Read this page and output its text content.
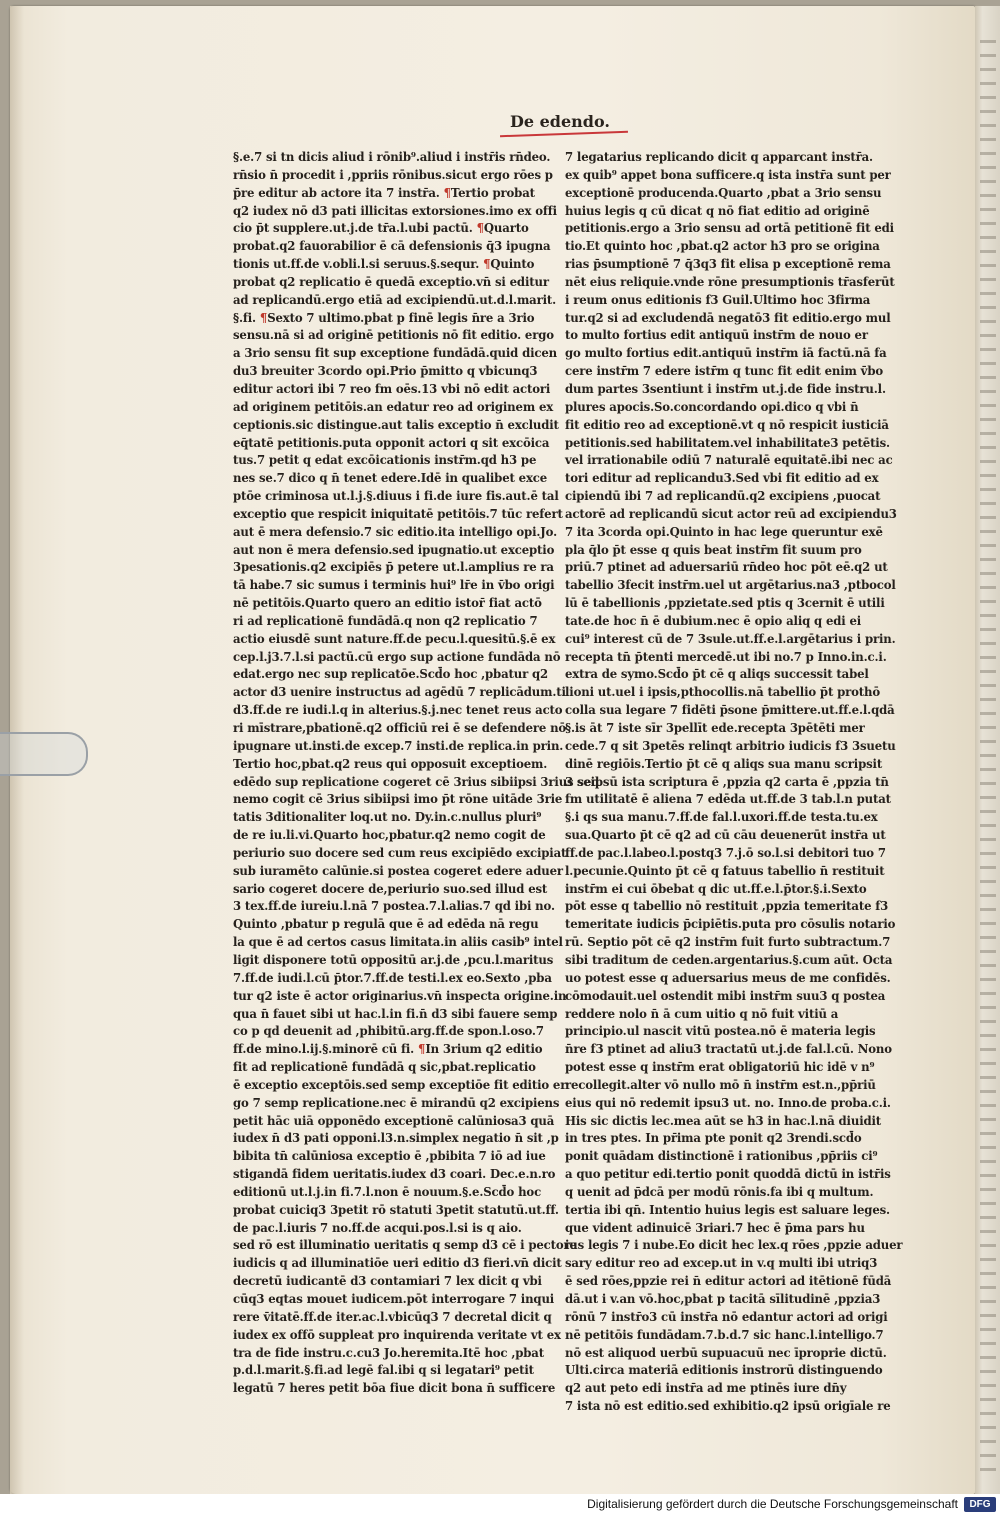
De edendo.
§.e.7 si tn dicis aliud i rōnib⁹.aliud i instr̄is rn̄deo.
rn̄sio n̄ procedit i ,ppriis rōnibus.sicut ergo rōes p
p̄re editur ab actore ita 7 instr̄a. ¶Tertio probat
q2 iudex nō d3 pati illicitas extorsiones.imo ex offi
cio p̄t supplere.ut.j.de tr̄a.l.ubi pactū. ¶Quarto
probat.q2 fauorabilior ē cā defensionis q̄3 ipugna
tionis ut.ff.de v.obli.l.si seruus.§.sequr. ¶Quinto
probat q2 replicatio ē quedā exceptio.vn̄ si editur
ad replicandū.ergo etiā ad excipiendū.ut.d.l.marit.
§.fi. ¶Sexto 7 ultimo.pbat p finē legis n̄re a 3rio
sensu.nā si ad originē petitionis nō fit editio. ergo
a 3rio sensu fit sup exceptione fundādā.quid dicen
du3 breuiter 3cordo opi.Prio p̄mitto q vbicunq3
editur actori ibi 7 reo fm oēs.13 vbi nō edit actori
ad originem petitōis.an edatur reo ad originem ex
ceptionis.sic distingue.aut talis exceptio n̄ excludit
eq̄tatē petitionis.puta opponit actori q sit excōica
tus.7 petit q edat excōicationis instr̄m.qd h3 pe
nes se.7 dico q n̄ tenet edere.Idē in qualibet exce
ptōe criminosa ut.l.j.§.diuus i fi.de iure fis.aut.ē tal
exceptio que respicit iniquitatē petitōis.7 tūc refert
aut ē mera defensio.7 sic editio.ita intelligo opi.Jo.
aut non ē mera defensio.sed ipugnatio.ut exceptio
3pesationis.q2 excipiēs p̄ petere ut.l.amplius re ra
tā habe.7 sic sumus i terminis hui⁹ lr̄e in v̄bo origi
nē petitōis.Quarto quero an editio istor̄ fiat actō
ri ad replicationē fundādā.q non q2 replicatio 7
actio eiusdē sunt nature.ff.de pecu.l.quesitū.§.ē ex
cep.l.j3.7.l.si pactū.cū ergo sup actione fundāda nō
edat.ergo nec sup replicatōe.Scd̄o hoc ,pbatur q2
actor d3 uenire instructus ad agēdū 7 replicādum.ti
d3.ff.de re iudi.l.q in alterius.§.j.nec tenet reus acto
ri mīstrare,pbationē.q2 officiū rei ē se defendere nō
ipugnare ut.insti.de excep.7 insti.de replica.in prin.
Tertio hoc,pbat.q2 reus qui opposuit exceptioem.
edēdo sup replicatione cogeret cē 3rius sibiipsi 3rius sed
nemo cogit cē 3rius sibiipsi imo p̄t rōne uitāde 3rie
tatis 3ditionaliter loq.ut no. Dy.in.c.nullus pluri⁹
de re iu.li.vi.Quarto hoc,pbatur.q2 nemo cogit de
periurio suo docere sed cum reus excipiēdo excipiat
sub iuramēto calūnie.si postea cogeret edere aduer
sario cogeret docere de,periurio suo.sed illud est
3 tex.ff.de iureiu.l.nā 7 postea.7.l.alias.7 qd ibi no.
Quinto ,pbatur p regulā que ē ad edēda nā regu
la que ē ad certos casus limitata.in aliis casib⁹ intel
ligit disponere totū oppositū ar.j.de ,pcu.l.maritus
7.ff.de iudi.l.cū p̄tor.7.ff.de testi.l.ex eo.Sexto ,pba
tur q2 iste ē actor originarius.vn̄ inspecta origine.in
qua n̄ fauet sibi ut hac.l.in fi.n̄ d3 sibi fauere semp
co p qd deuenit ad ,phibitū.arg.ff.de spon.l.oso.7
ff.de mino.l.ij.§.minorē cū fi. ¶In 3rium q2 editio
fit ad replicationē fundādā q sic,pbat.replicatio
ē exceptio exceptōis.sed semp exceptiōe fit editio er
go 7 semp replicatione.nec ē mirandū q2 excipiens
petit hāc uiā opponēdo exceptionē calūniosa3 quā
iudex n̄ d3 pati opponi.l3.n.simplex negatio n̄ sit ,p
bibita tn̄ calūniosa exceptio ē ,pbibita 7 iō ad iue
stigandā fidem ueritatis.iudex d3 coari. Dec.e.n.ro
editionū ut.l.j.in fi.7.l.non ē nouum.§.e.Scd̄o hoc
probat cuiciq3 3petit rō statuti 3petit statutū.ut.ff.
de pac.l.iuris 7 no.ff.de acqui.pos.l.si is q aio.
sed rō est illuminatio ueritatis q semp d3 cē i pectore
iudicis q ad illuminatiōe ueri editio d3 fieri.vn̄ dicit
decretū iudicantē d3 contamiari 7 lex dicit q vbi
cūq3 eqtas mouet iudicem.pōt interrogare 7 inqui
rere v̄itatē.ff.de iter.ac.l.vbicūq3 7 decretal dicit q
iudex ex offō suppleat pro inquirenda veritate vt ex
tra de fide instru.c.cu3 Jo.heremita.Itē hoc ,pbat
p.d.l.marit.§.fi.ad legē fal.ibi q si legatari⁹ petit
legatū 7 heres petit bōa fiue dicit bona n̄ sufficere
7 legatarius replicando dicit q apparcant instr̄a.
ex quib⁹ appet bona sufficere.q ista instr̄a sunt per
exceptionē producenda.Quarto ,pbat a 3rio sensu
huius legis q cū dicat q nō fiat editio ad originē
petitionis.ergo a 3rio sensu ad ortā petitionē fit edi
tio.Et quinto hoc ,pbat.q2 actor h3 pro se origina
rias p̄sumptionē 7 q̄3q3 fit elisa p exceptionē rema
nēt eius reliquie.vnde rōne presumptionis tr̄asferūt
i reum onus editionis f3 Guil.Ultimo hoc 3firma
tur.q2 si ad excludendā negatō3 fit editio.ergo mul
to multo fortius edit antiquū instr̄m de nouo er
go multo fortius edit.antiquū instr̄m iā factū.nā fa
cere instr̄m 7 edere istr̄m q tunc fit edit enim v̄bo
dum partes 3sentiunt i instr̄m ut.j.de fide instru.l.
plures apocis.So.concordando opi.dico q vbi n̄
fit editio reo ad exceptionē.vt q nō respicit iusticiā
petitionis.sed habilitatem.vel inhabilitate3 petētis.
vel irrationabile odiū 7 naturalē equitatē.ibi nec ac
tori editur ad replicandu3.Sed vbi fit editio ad ex
cipiendū ibi 7 ad replicandū.q2 excipiens ,puocat
actorē ad replicandū sicut actor reū ad excipiendu3
7 ita 3corda opi.Quinto in hac lege queruntur exē
pla q̄lo p̄t esse q quis beat instr̄m fit suum pro
priū.7 ptinet ad aduersariū rn̄deo hoc pōt eē.q2 ut
tabellio 3fecit instr̄m.uel ut argētarius.na3 ,ptbocol
lū ē tabellionis ,ppzietate.sed ptis q 3cernit ē utili
tate.de hoc n̄ ē dubium.nec ē opio aliq q edi ei
cui⁹ interest cū de 7 3sule.ut.ff.e.l.argētarius i prin.
recepta tn̄ p̄tenti mercedē.ut ibi no.7 p Inno.in.c.i.
extra de symo.Scd̄o p̄t cē q aliqs successit tabel
lioni ut.uel i ipsis,pthocollis.nā tabellio p̄t prothō
colla sua legare 7 fidēti p̄sone p̄mittere.ut.ff.e.l.qdā
§.is āt 7 iste sīr 3pellīt ede.recepta 3pētēti mer
cede.7 q sit 3petēs relinqt arbitrio iudicis f3 3suetu
dinē regiōis.Tertio p̄t cē q aliqs sua manu scripsit
3 seipsū ista scriptura ē ,ppzia q2 carta ē ,ppzia tn̄
fm utilitatē ē aliena 7 edēda ut.ff.de 3 tab.l.n putat
§.i qs sua manu.7.ff.de fal.l.uxori.ff.de testa.tu.ex
sua.Quarto p̄t cē q2 ad cū cāu deuenerūt instr̄a ut
ff.de pac.l.labeo.l.postq3 7.j.ō so.l.si debitori tuo 7
l.pecunie.Quinto p̄t cē q fatuus tabellio n̄ restituit
instr̄m ei cui ōbebat q dic ut.ff.e.l.p̄tor.§.i.Sexto
pōt esse q tabellio nō restituit ,ppzia temeritate f3
temeritate iudicis p̄cipiētis.puta pro cōsulis notario
rū. Septio pōt cē q2 instr̄m fuit furto subtractum.7
sibi traditum de ceden.argentarius.§.cum aūt. Octa
uo potest esse q aduersarius meus de me confidēs.
cōmodauit.uel ostendit mibi instr̄m suu3 q postea
reddere nolo n̄ ā cum uitio q nō fuit vitiū a
principio.ul nascit vitū postea.nō ē materia legis
n̄re f3 ptinet ad aliu3 tractatū ut.j.de fal.l.cū. Nono
potest esse q instr̄m erat obligatoriū hic idē v n⁹
recollegit.alter vō nullo mō n̄ instr̄m est.n.,pp̄riū
eius qui nō redemit ipsu3 ut. no. Inno.de proba.c.i.
His sic dictis lec.mea aūt se h3 in hac.l.nā diuidit
in tres ptes. In pr̄ima pte ponit q2 3rendi.scd̄o
ponit quādam distinctionē i rationibus ,pp̄riis ci⁹
a quo petitur edi.tertio ponit quoddā dictū in istr̄is
q uenit ad p̄dcā per modū rōnis.fa ibi q multum.
tertia ibi qn̄. Intentio huius legis est saluare leges.
que vident adinuicē 3riari.7 hec ē p̄ma pars hu
ius legis 7 i nube.Eo dicit hec lex.q rōes ,ppzie aduer
sary editur reo ad excep.ut in v.q multi ibi utriq3
ē sed rōes,ppzie rei n̄ editur actori ad itētionē fūdā
dā.ut i v.an vō.hoc,pbat p tacitā sīlitudinē ,ppzia3
rōnū 7 instr̄o3 cū instr̄a nō edantur actori ad origi
nē petitōis fundādam.7.b.d.7 sic hanc.l.intelligo.7
nō est aliquod uerbū supuacuū nec īproprie dictū.
Ulti.circa materiā editionis instrorū distinguendo
q2 aut peto edi instr̄a ad me ptinēs iure dn̄y
7 ista nō est editio.sed exhibitio.q2 ipsū origīale re
Digitalisierung gefördert durch die Deutsche Forschungsgemeinschaft	DFG
